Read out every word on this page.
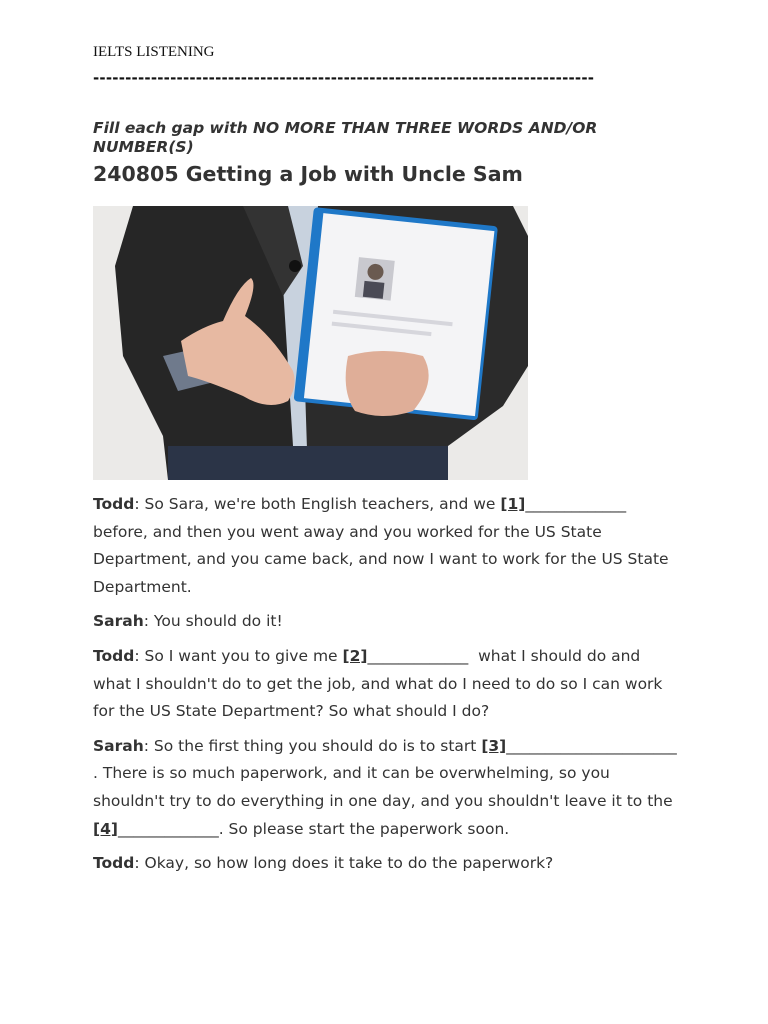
IELTS LISTENING
------------------------------------------------------------------------------
Fill each gap with NO MORE THAN THREE WORDS AND/OR NUMBER(S)
240805 Getting a Job with Uncle Sam

Todd: So Sara, we're both English teachers, and we [1]_____________ before, and then you went away and you worked for the US State Department, and you came back, and now I want to work for the US State Department.

Sarah: You should do it!

Todd: So I want you to give me [2]_____________  what I should do and what I shouldn't do to get the job, and what do I need to do so I can work for the US State Department? So what should I do?

Sarah: So the first thing you should do is to start [3]______________________ . There is so much paperwork, and it can be overwhelming, so you shouldn't try to do everything in one day, and you shouldn't leave it to the [4]_____________. So please start the paperwork soon.

Todd: Okay, so how long does it take to do the paperwork?
